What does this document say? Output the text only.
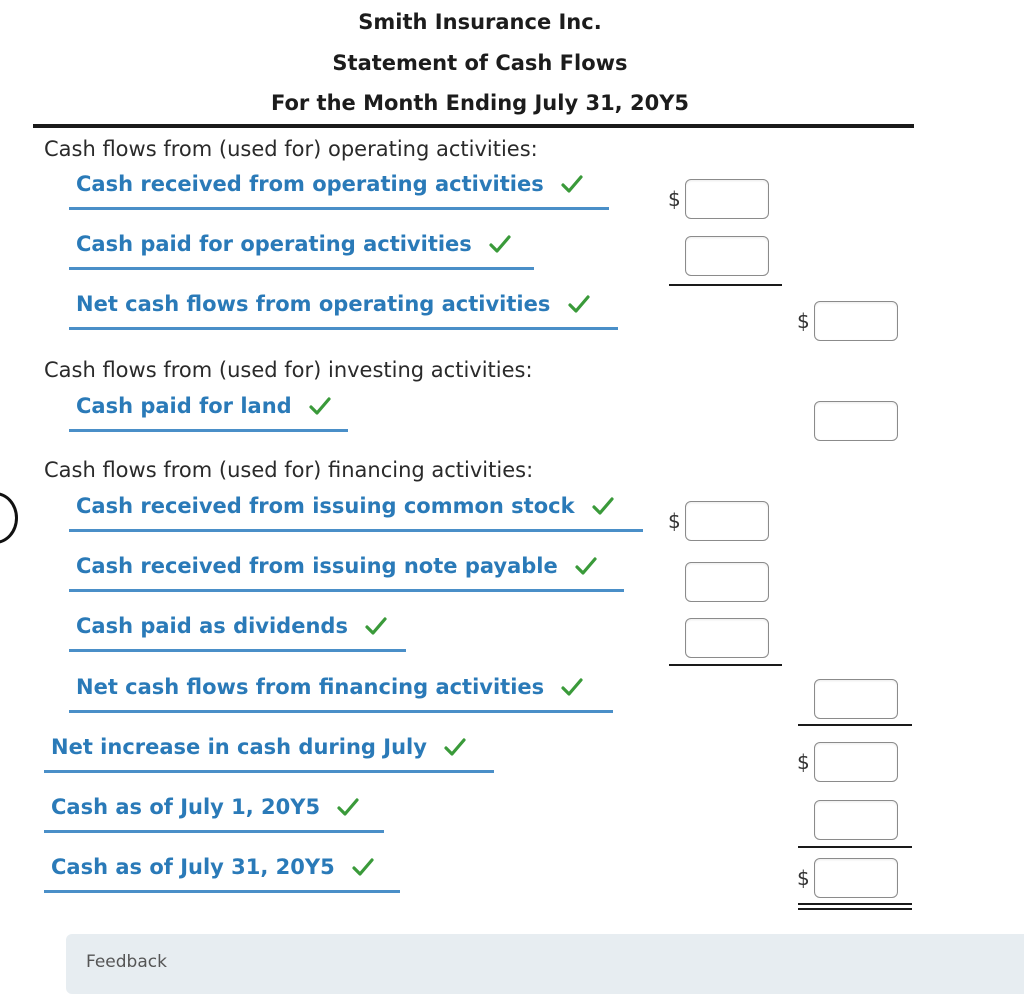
Smith Insurance Inc.
Statement of Cash Flows
For the Month Ending July 31, 20Y5
Cash flows from (used for) operating activities:
Cash received from operating activities
$
Cash paid for operating activities
Net cash flows from operating activities
$
Cash flows from (used for) investing activities:
Cash paid for land
Cash flows from (used for) financing activities:
Cash received from issuing common stock
$
Cash received from issuing note payable
Cash paid as dividends
Net cash flows from financing activities
Net increase in cash during July
$
Cash as of July 1, 20Y5
Cash as of July 31, 20Y5	$
Feedback
